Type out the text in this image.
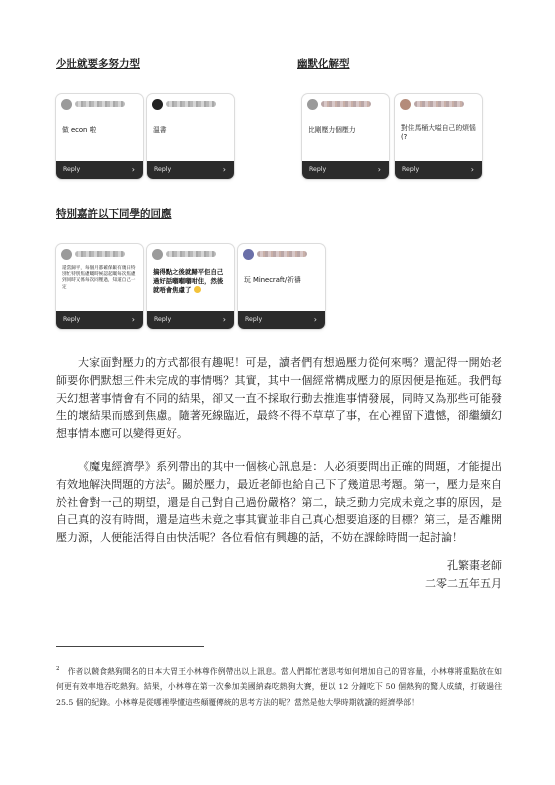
少壯就要多努力型	幽默化解型
做 econ 啦
Reply	›
溫書
Reply	›
比剛壓力個壓力
Reply	›
對住馬桶大嗌自己的煩惱 (?
Reply	›
特別嘉許以下同學的回應
還當歸平，每個月都確保飯有幾日特別忙特別焦慮嘅時候認起嘅每次焦慮到同時又係每次同壓過，知道自己一定
Reply	›
搞得點之後就歸平佢自己過好話嗰嗰嗰咁住，然後就唔會焦慮了
Reply	›
玩 Minecraft/祈禱
Reply	›

大家面對壓力的方式都很有趣呢！可是，讀者們有想過壓力從何來嗎？還記得一開始老師要你們默想三件未完成的事情嗎？其實，其中一個經常構成壓力的原因便是拖延。我們每天幻想著事情會有不同的結果，卻又一直不採取行動去推進事情發展，同時又為那些可能發生的壞結果而感到焦慮。隨著死線臨近，最終不得不草草了事，在心裡留下遺憾，卻繼續幻想事情本應可以變得更好。

《魔鬼經濟學》系列帶出的其中一個核心訊息是：人必須要問出正確的問題，才能提出有效地解決問題的方法$^2$。關於壓力，最近老師也給自己下了幾道思考題。第一，壓力是來自於社會對一己的期望，還是自己對自己過份嚴格？第二，缺乏動力完成未竟之事的原因，是自己真的沒有時間，還是這些未竟之事其實並非自己真心想要追逐的目標？第三，是否離開壓力源，人便能活得自由快活呢？各位看倌有興趣的話，不妨在課餘時間一起討論！

孔繁棗老師
二零二五年五月

$^2$ 作者以競食熱狗聞名的日本大胃王小林尊作例帶出以上訊息。當人們都忙著思考如何增加自己的胃容量，小林尊將重點放在如何更有效率地吞吃熱狗。結果，小林尊在第一次參加美國納森吃熱狗大賽，便以 12 分鐘吃下 50 個熱狗的驚人成績，打破過往 25.5 個的紀錄。小林尊是從哪裡學懂這些顛覆傳統的思考方法的呢？當然是他大學時期就讀的經濟學部！
